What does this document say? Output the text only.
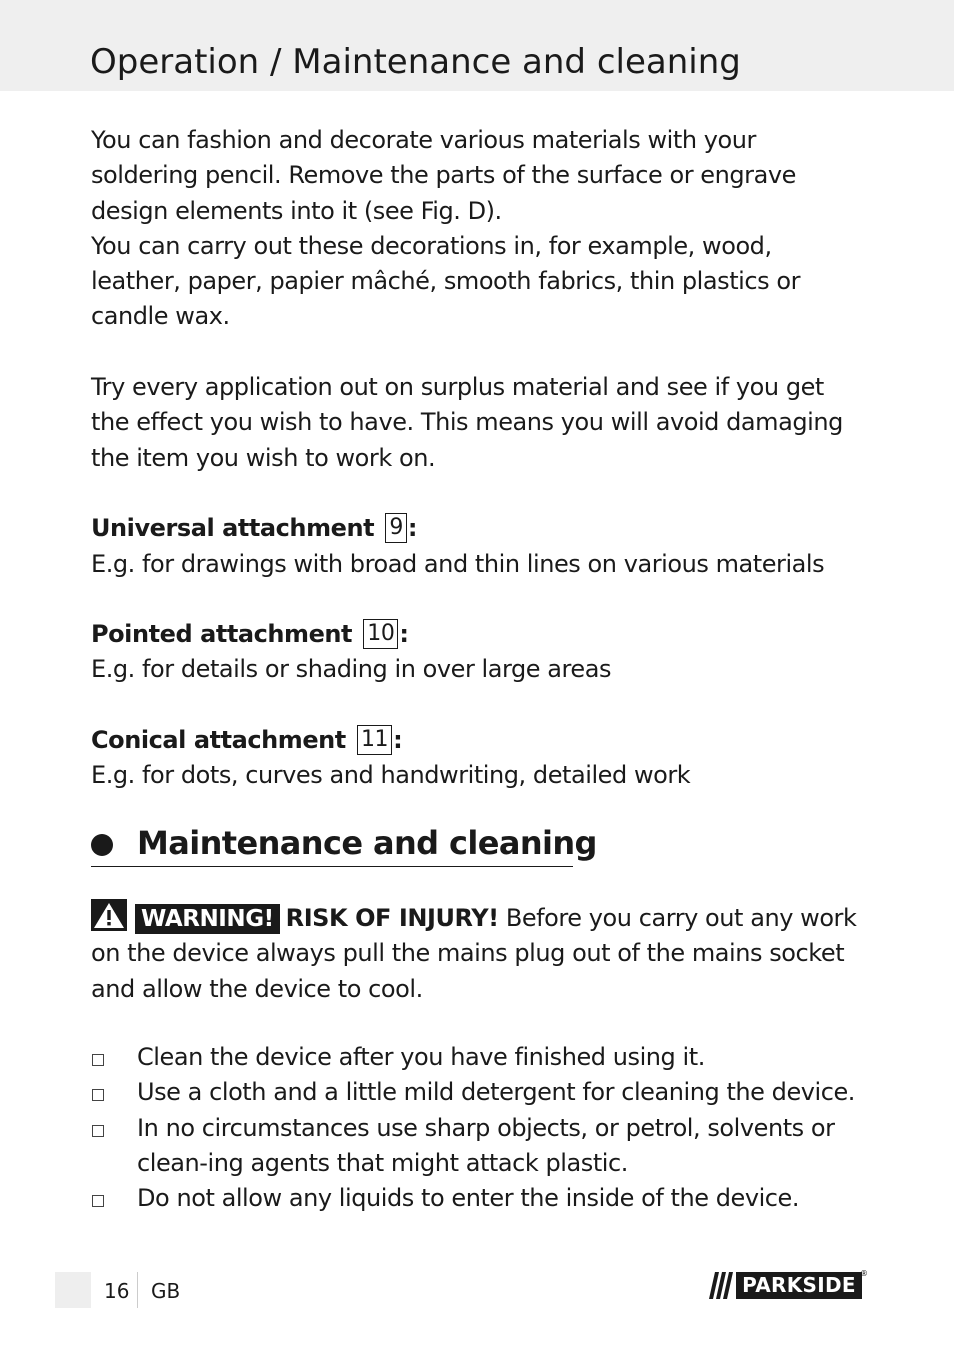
Operation / Maintenance and cleaning

You can fashion and decorate various materials with your soldering pencil. Remove the parts of the surface or engrave design elements into it (see Fig. D).

You can carry out these decorations in, for example, wood, leather, paper, papier mâché, smooth fabrics, thin plastics or candle wax.

Try every application out on surplus material and see if you get the effect you wish to have. This means you will avoid damaging the item you wish to work on.

Universal attachment 9 :

E.g. for drawings with broad and thin lines on various materials

Pointed attachment 10 :

E.g. for details or shading in over large areas

Conical attachment 11 :

E.g. for dots, curves and handwriting, detailed work

Maintenance and cleaning
WARNING! RISK OF INJURY! Before you carry out any work on the device always pull the mains plug out of the mains socket and allow the device to cool.
Clean the device after you have finished using it.
Use a cloth and a little mild detergent for cleaning the device.
In no circumstances use sharp objects, or petrol, solvents or clean-ing agents that might attack plastic.
Do not allow any liquids to enter the inside of the device.
16 GB	PARKSIDE ®
